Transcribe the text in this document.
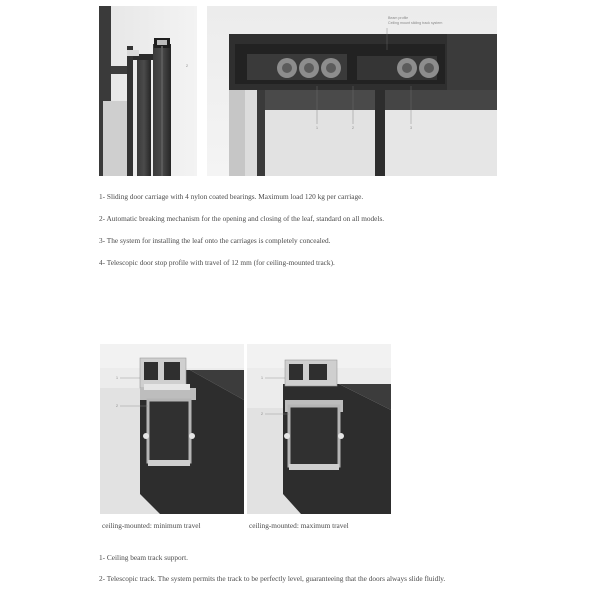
2
Beam profile
Ceiling mount sliding track system
1	2	3
1- Sliding door carriage with 4 nylon coated bearings. Maximum load 120 kg per carriage.
2- Automatic breaking mechanism for the opening and closing of the leaf, standard on all models.
3- The system for installing the leaf onto the carriages is completely concealed.
4- Telescopic door stop profile with travel of 12 mm (for ceiling-mounted track).
1
2
1
2
ceiling-mounted: minimum travel	ceiling-mounted: maximum travel
1- Ceiling beam track support.
2- Telescopic track. The system permits the track to be perfectly level, guaranteeing that the doors always slide fluidly.
